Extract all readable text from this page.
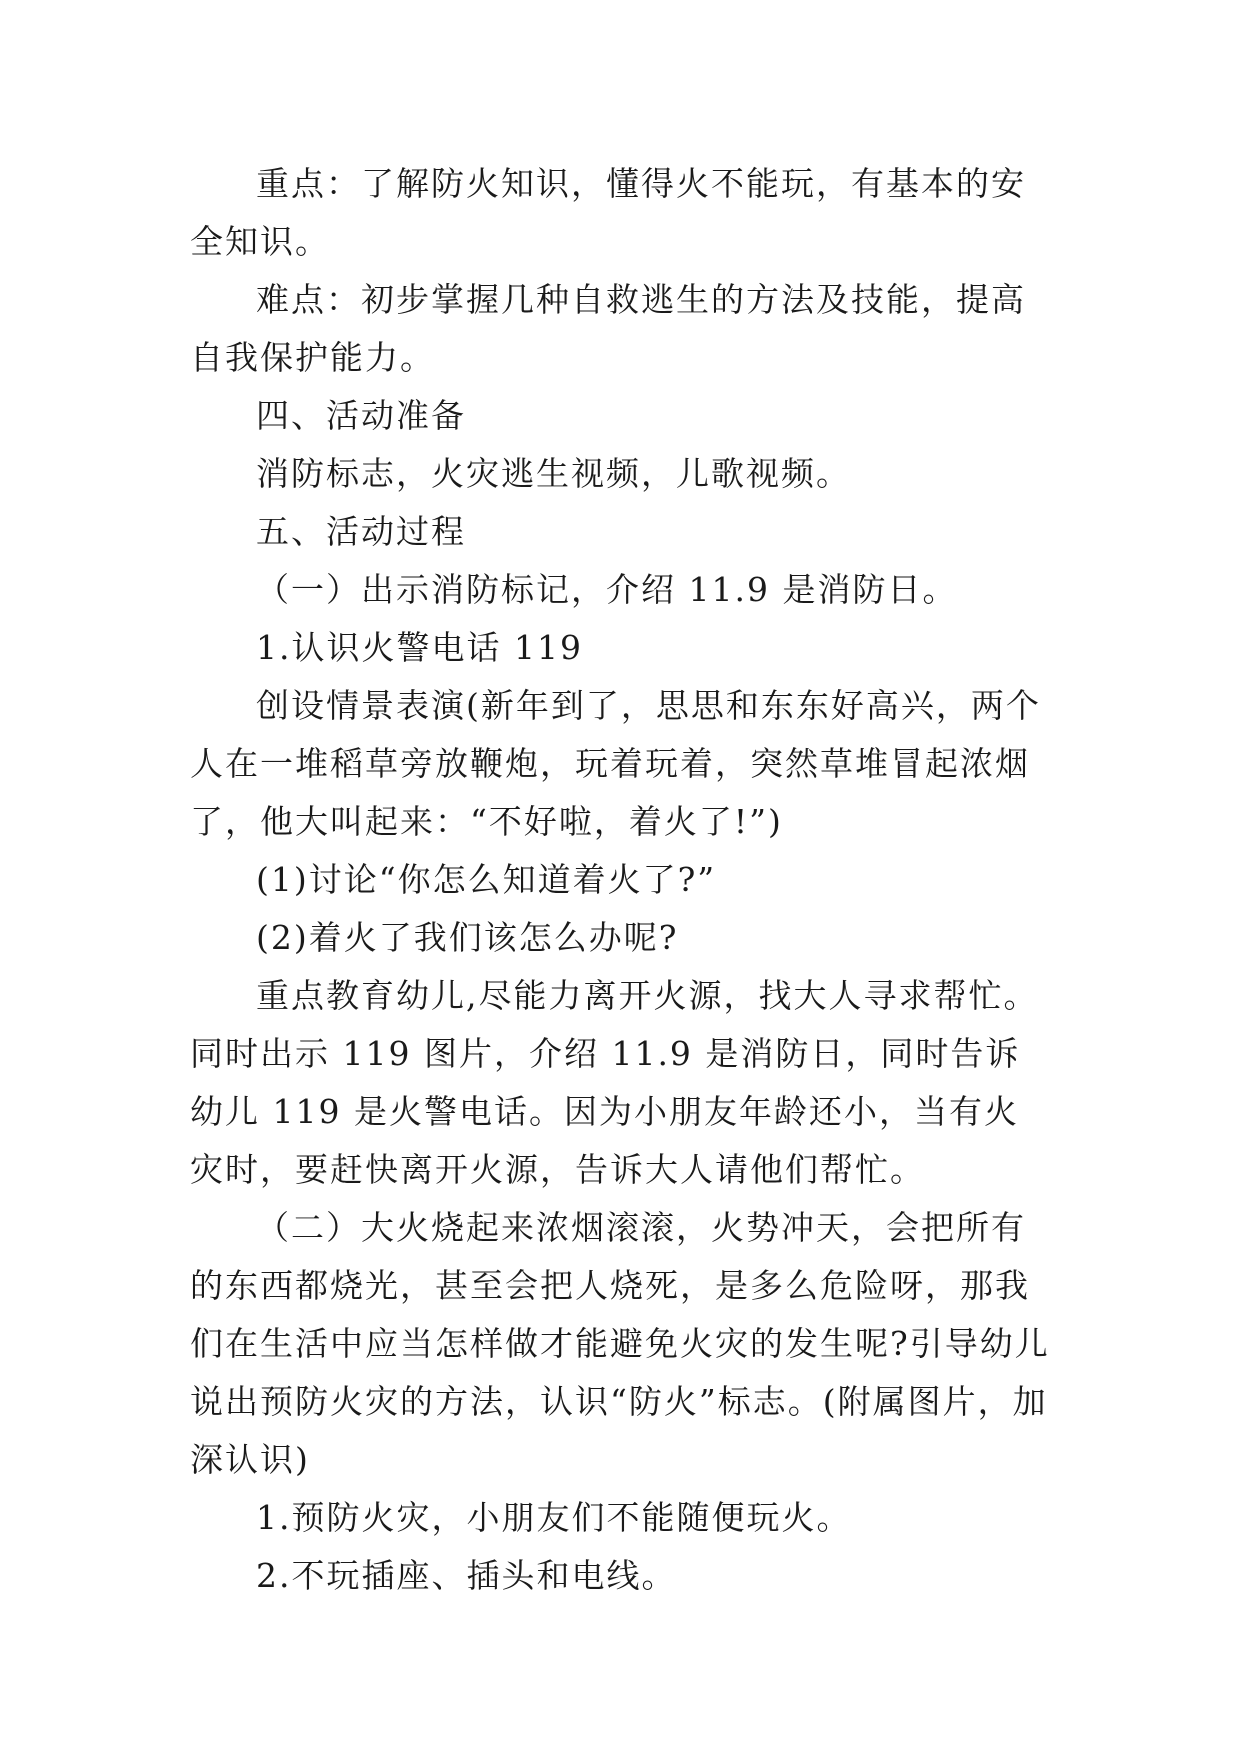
重点：了解防火知识，懂得火不能玩，有基本的安全知识。

难点：初步掌握几种自救逃生的方法及技能，提高自我保护能力。

四、活动准备

消防标志，火灾逃生视频，儿歌视频。

五、活动过程

（一）出示消防标记，介绍 11.9 是消防日。

1.认识火警电话 119

创设情景表演(新年到了，思思和东东好高兴，两个人在一堆稻草旁放鞭炮，玩着玩着，突然草堆冒起浓烟了，他大叫起来：“不好啦，着火了!”)

(1)讨论“你怎么知道着火了?”

(2)着火了我们该怎么办呢?

重点教育幼儿,尽能力离开火源，找大人寻求帮忙。同时出示 119 图片，介绍 11.9 是消防日，同时告诉幼儿 119 是火警电话。因为小朋友年龄还小，当有火灾时，要赶快离开火源，告诉大人请他们帮忙。

（二）大火烧起来浓烟滚滚，火势冲天，会把所有的东西都烧光，甚至会把人烧死，是多么危险呀，那我们在生活中应当怎样做才能避免火灾的发生呢?引导幼儿说出预防火灾的方法，认识“防火”标志。(附属图片，加深认识)

1.预防火灾，小朋友们不能随便玩火。

2.不玩插座、插头和电线。
